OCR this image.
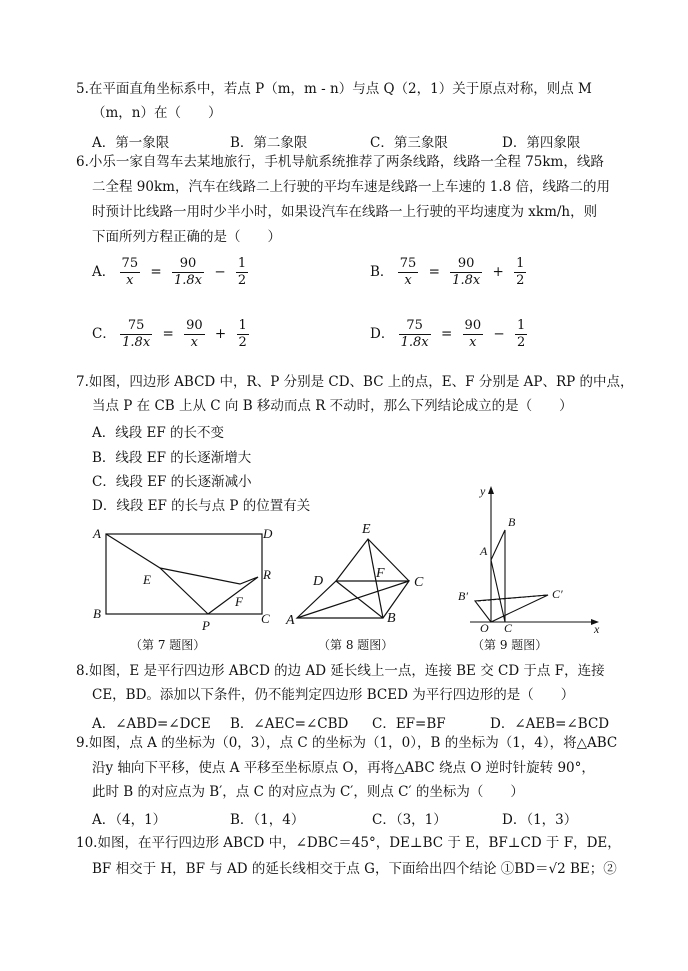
5.在平面直角坐标系中，若点 P（m，m - n）与点 Q（2，1）关于原点对称，则点 M
（m，n）在（　　）
A．第一象限	B．第二象限	C．第三象限	D．第四象限
6.小乐一家自驾车去某地旅行，手机导航系统推荐了两条线路，线路一全程 75km，线路
二全程 90km，汽车在线路二上行驶的平均车速是线路一上车速的 1.8 倍，线路二的用
时预计比线路一用时少半小时，如果设汽车在线路一上行驶的平均速度为 xkm/h，则
下面所列方程正确的是（　　）
A． $\frac{75}{x} = \frac{90}{1.8x} - \frac{1}{2}$	B． $\frac{75}{x} = \frac{90}{1.8x} + \frac{1}{2}$
C． $\frac{75}{1.8x} = \frac{90}{x} + \frac{1}{2}$	D． $\frac{75}{1.8x} = \frac{90}{x} - \frac{1}{2}$
7.如图，四边形 ABCD 中，R、P 分别是 CD、BC 上的点，E、F 分别是 AP、RP 的中点，
当点 P 在 CB 上从 C 向 B 移动而点 R 不动时，那么下列结论成立的是（　　）
A．线段 EF 的长不变
B．线段 EF 的长逐渐增大
C．线段 EF 的长逐渐减小
D．线段 EF 的长与点 P 的位置有关
A	D
E	R
F
B
P	C
E
D
F
C
A	B
y
B
A
B′	C′
O C	x
（第 7 题图）	（第 8 题图）	（第 9 题图）
8.如图，E 是平行四边形 ABCD 的边 AD 延长线上一点，连接 BE 交 CD 于点 F，连接
CE，BD。添加以下条件，仍不能判定四边形 BCED 为平行四边形的是（　　）
A．∠ABD=∠DCE B．∠AEC=∠CBD C．EF=BF	D．∠AEB=∠BCD
9.如图，点 A 的坐标为（0，3），点 C 的坐标为（1，0），B 的坐标为（1，4），将△ABC
沿y 轴向下平移，使点 A 平移至坐标原点 O，再将△ABC 绕点 O 逆时针旋转 90°，
此时 B 的对应点为 B′，点 C 的对应点为 C′，则点 C′ 的坐标为（　　）
A．（4，1）	B．（1，4）	C．（3，1）	D．（1，3）
10.如图，在平行四边形 ABCD 中，∠DBC＝45°，DE⊥BC 于 E，BF⊥CD 于 F，DE，
BF 相交于 H，BF 与 AD 的延长线相交于点 G，下面给出四个结论 ①BD＝√2 BE；②
